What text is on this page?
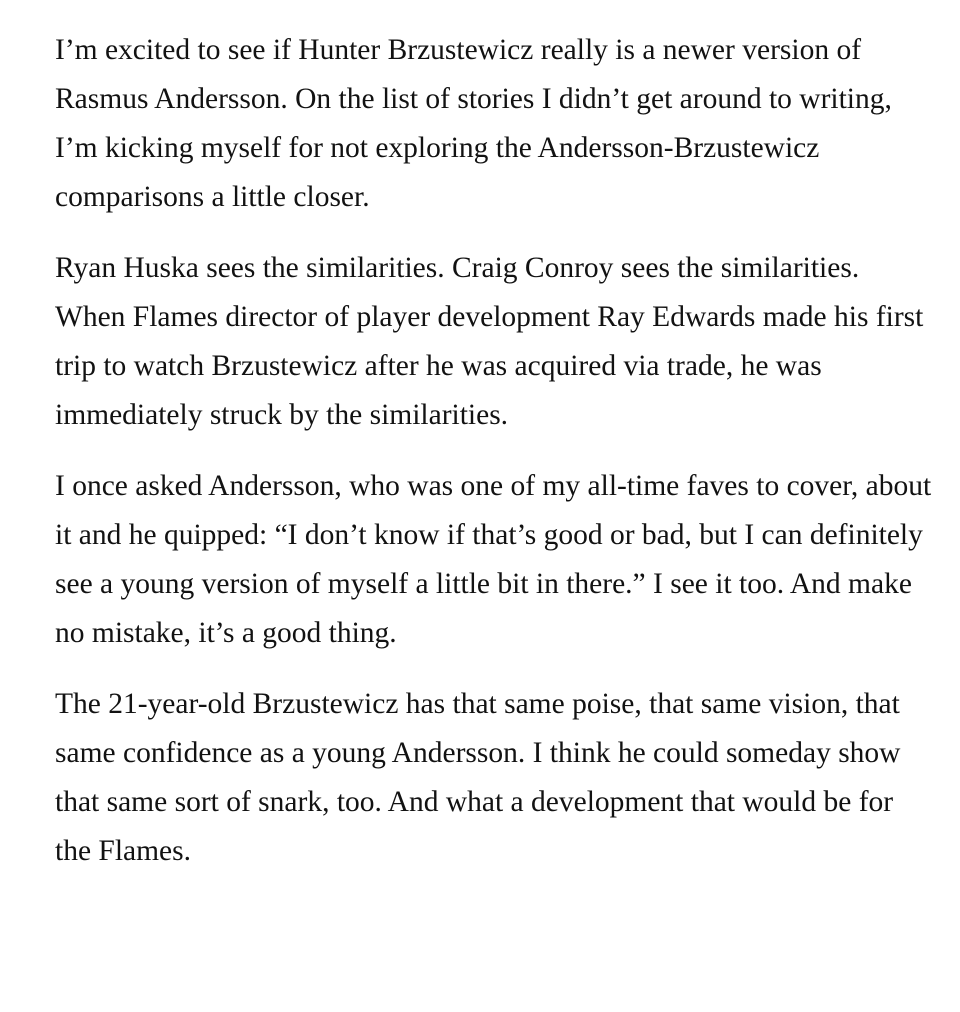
I’m excited to see if Hunter Brzustewicz really is a newer version of Rasmus Andersson. On the list of stories I didn’t get around to writing, I’m kicking myself for not exploring the Andersson-Brzustewicz comparisons a little closer.

Ryan Huska sees the similarities. Craig Conroy sees the similarities. When Flames director of player development Ray Edwards made his first trip to watch Brzustewicz after he was acquired via trade, he was immediately struck by the similarities.

I once asked Andersson, who was one of my all-time faves to cover, about it and he quipped: “I don’t know if that’s good or bad, but I can definitely see a young version of myself a little bit in there.” I see it too. And make no mistake, it’s a good thing.

The 21-year-old Brzustewicz has that same poise, that same vision, that same confidence as a young Andersson. I think he could someday show that same sort of snark, too. And what a development that would be for the Flames.
